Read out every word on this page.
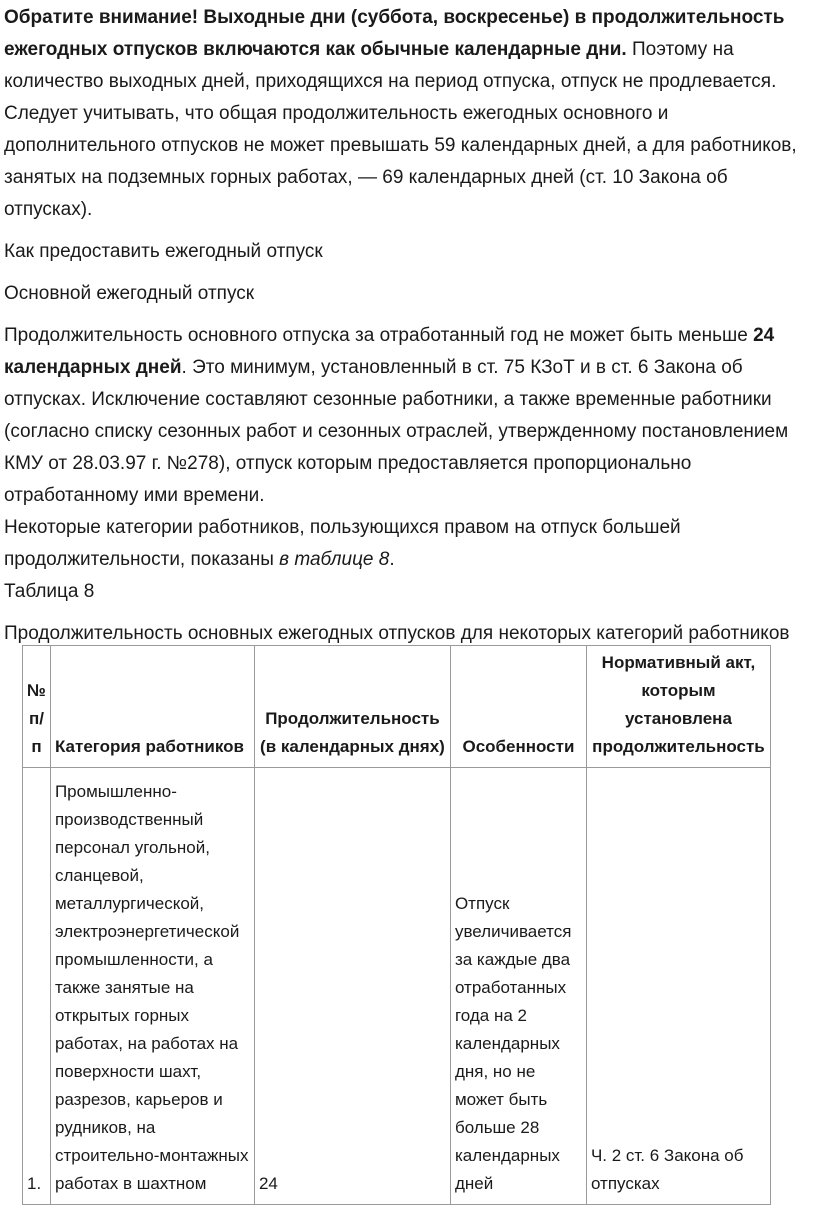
Обратите внимание! Выходные дни (суббота, воскресенье) в продолжительность ежегодных отпусков включаются как обычные календарные дни. Поэтому на количество выходных дней, приходящихся на период отпуска, отпуск не продлевается. Следует учитывать, что общая продолжительность ежегодных основного и дополнительного отпусков не может превышать 59 календарных дней, а для работников, занятых на подземных горных работах, — 69 календарных дней (ст. 10 Закона об отпусках).

Как предоставить ежегодный отпуск

Основной ежегодный отпуск

Продолжительность основного отпуска за отработанный год не может быть меньше 24 календарных дней. Это минимум, установленный в ст. 75 КЗоТ и в ст. 6 Закона об отпусках. Исключение составляют сезонные работники, а также временные работники (согласно списку сезонных работ и сезонных отраслей, утвержденному постановлением КМУ от 28.03.97 г. №278), отпуск которым предоставляется пропорционально отработанному ими времени.

Некоторые категории работников, пользующихся правом на отпуск большей продолжительности, показаны в таблице 8.

Таблица 8

Продолжительность основных ежегодных отпусков для некоторых категорий работников

№ п/п	Категория работников	Продолжительность (в календарных днях)	Особенности	Нормативный акт, которым установлена продолжительность
1.	Промышленно-производственный персонал угольной, сланцевой, металлургической, электроэнергетической промышленности, а также занятые на открытых горных работах, на работах на поверхности шахт, разрезов, карьеров и рудников, на строительно-монтажных работах в шахтном	24	Отпуск увеличивается за каждые два отработанных года на 2 календарных дня, но не может быть больше 28 календарных дней	Ч. 2 ст. 6 Закона об отпусках
